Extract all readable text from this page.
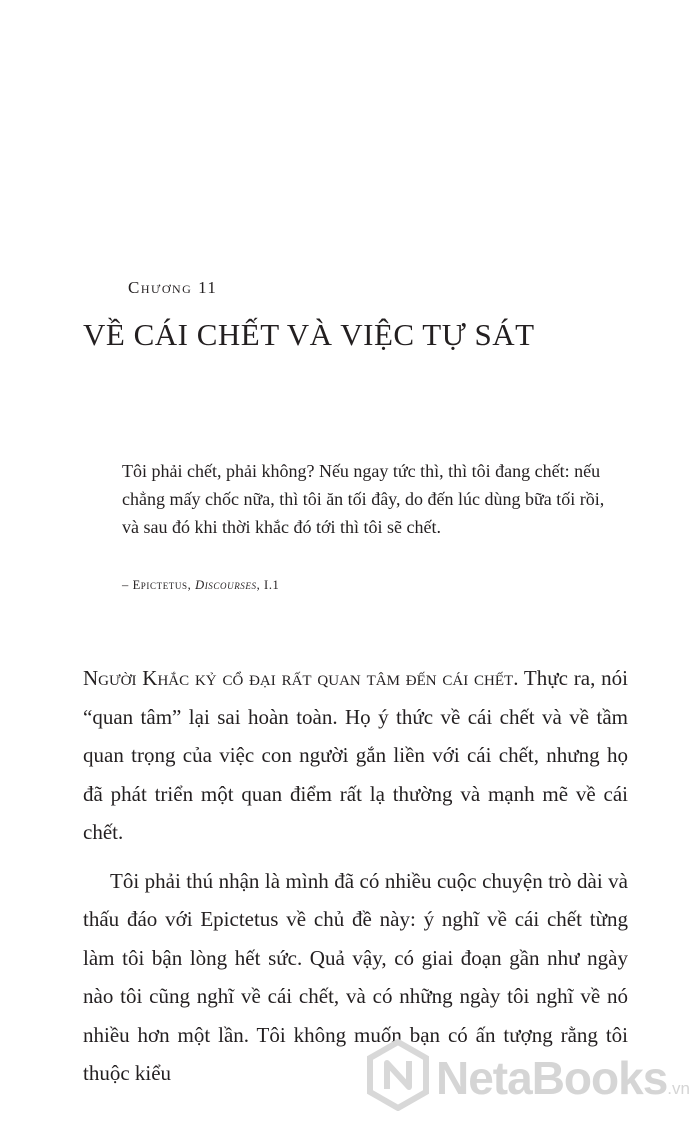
Chương 11

VỀ CÁI CHẾT VÀ VIỆC TỰ SÁT

Tôi phải chết, phải không? Nếu ngay tức thì, thì tôi đang chết: nếu chẳng mấy chốc nữa, thì tôi ăn tối đây, do đến lúc dùng bữa tối rồi, và sau đó khi thời khắc đó tới thì tôi sẽ chết.

– Epictetus, Discourses, I.1

Người Khắc kỷ cổ đại rất quan tâm đến cái chết. Thực ra, nói “quan tâm” lại sai hoàn toàn. Họ ý thức về cái chết và về tầm quan trọng của việc con người gắn liền với cái chết, nhưng họ đã phát triển một quan điểm rất lạ thường và mạnh mẽ về cái chết.

Tôi phải thú nhận là mình đã có nhiều cuộc chuyện trò dài và thấu đáo với Epictetus về chủ đề này: ý nghĩ về cái chết từng làm tôi bận lòng hết sức. Quả vậy, có giai đoạn gần như ngày nào tôi cũng nghĩ về cái chết, và có những ngày tôi nghĩ về nó nhiều hơn một lần. Tôi không muốn bạn có ấn tượng rằng tôi thuộc kiểu	NetaBooks.vn
